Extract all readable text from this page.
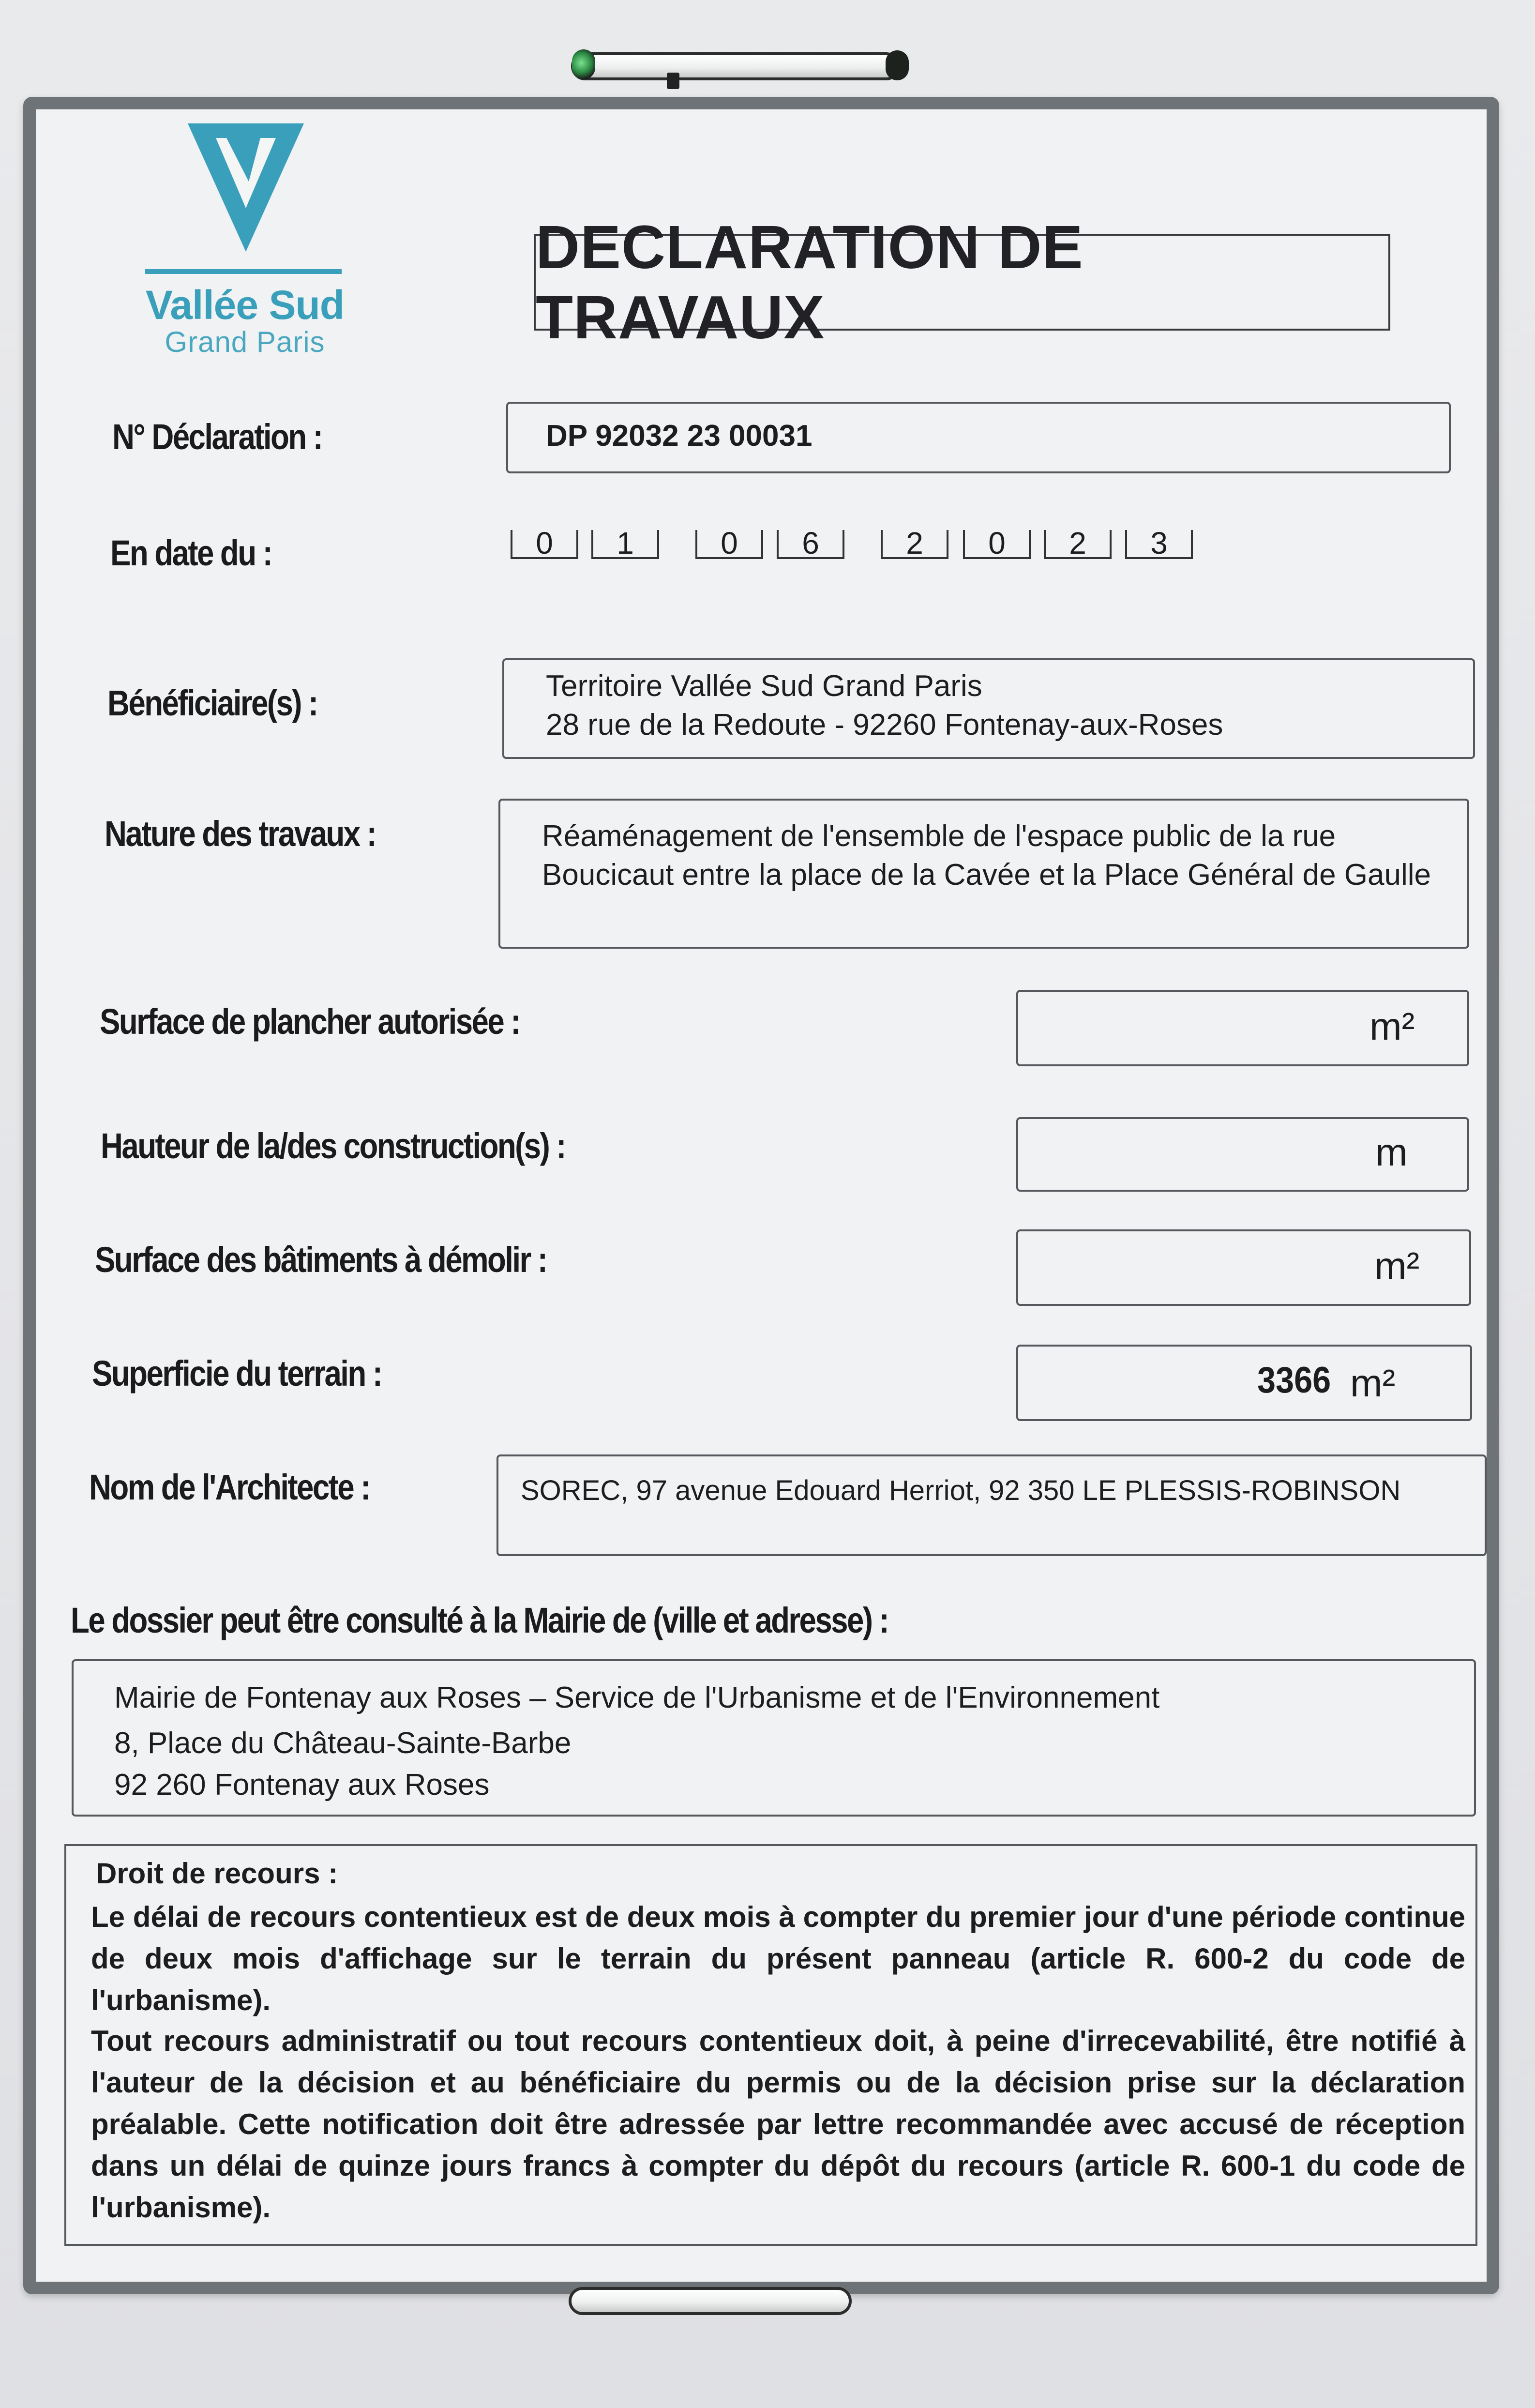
Vallée Sud
Grand Paris
DECLARATION DE TRAVAUX
N° Déclaration :	DP 92032 23 00031
En date du :	0	1	0	6	2	0	2	3
Bénéficiaire(s) :	Territoire Vallée Sud Grand Paris
28 rue de la Redoute - 92260 Fontenay-aux-Roses
Nature des travaux :	Réaménagement de l'ensemble de l'espace public de la rue
Boucicaut entre la place de la Cavée et la Place Général de Gaulle
Surface de plancher autorisée :	m²
Hauteur de la/des construction(s) :	m
Surface des bâtiments à démolir :	m²
Superficie du terrain :	3366 m²
Nom de l'Architecte :	SOREC, 97 avenue Edouard Herriot, 92 350 LE PLESSIS-ROBINSON
Le dossier peut être consulté à la Mairie de (ville et adresse) :
Mairie de Fontenay aux Roses – Service de l'Urbanisme et de l'Environnement
8, Place du Château-Sainte-Barbe
92 260 Fontenay aux Roses
Droit de recours :
Le délai de recours contentieux est de deux mois à compter du premier jour d'une période continue de deux mois d'affichage sur le terrain du présent panneau (article R. 600-2 du code de l'urbanisme).
Tout recours administratif ou tout recours contentieux doit, à peine d'irrecevabilité, être notifié à l'auteur de la décision et au bénéficiaire du permis ou de la décision prise sur la déclaration préalable. Cette notification doit être adressée par lettre recommandée avec accusé de réception dans un délai de quinze jours francs à compter du dépôt du recours (article R. 600-1 du code de l'urbanisme).
